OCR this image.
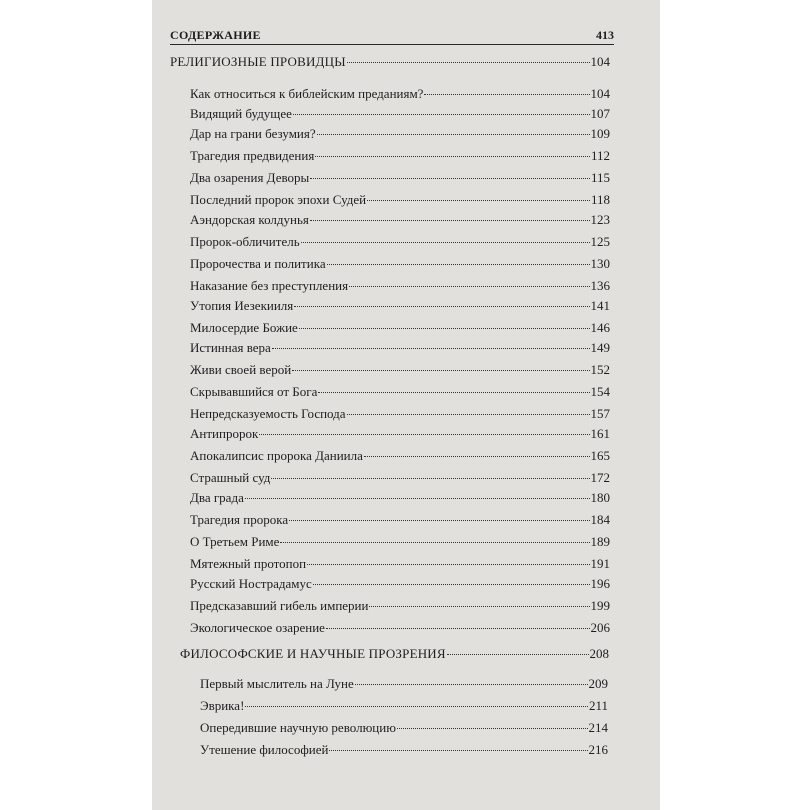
СОДЕРЖАНИЕ	413
РЕЛИГИОЗНЫЕ ПРОВИДЦЫ	104
Как относиться к библейским преданиям?	104
Видящий будущее	107
Дар на грани безумия?	109
Трагедия предвидения	112
Два озарения Деворы	115
Последний пророк эпохи Судей	118
Аэндорская колдунья	123
Пророк-обличитель	125
Пророчества и политика	130
Наказание без преступления	136
Утопия Иезекииля	141
Милосердие Божие	146
Истинная вера	149
Живи своей верой	152
Скрывавшийся от Бога	154
Непредсказуемость Господа	157
Антипророк	161
Апокалипсис пророка Даниила	165
Страшный суд	172
Два града	180
Трагедия пророка	184
О Третьем Риме	189
Мятежный протопоп	191
Русский Нострадамус	196
Предсказавший гибель империи	199
Экологическое озарение	206
ФИЛОСОФСКИЕ И НАУЧНЫЕ ПРОЗРЕНИЯ	208
Первый мыслитель на Луне	209
Эврика!	211
Опередившие научную революцию	214
Утешение философией	216
